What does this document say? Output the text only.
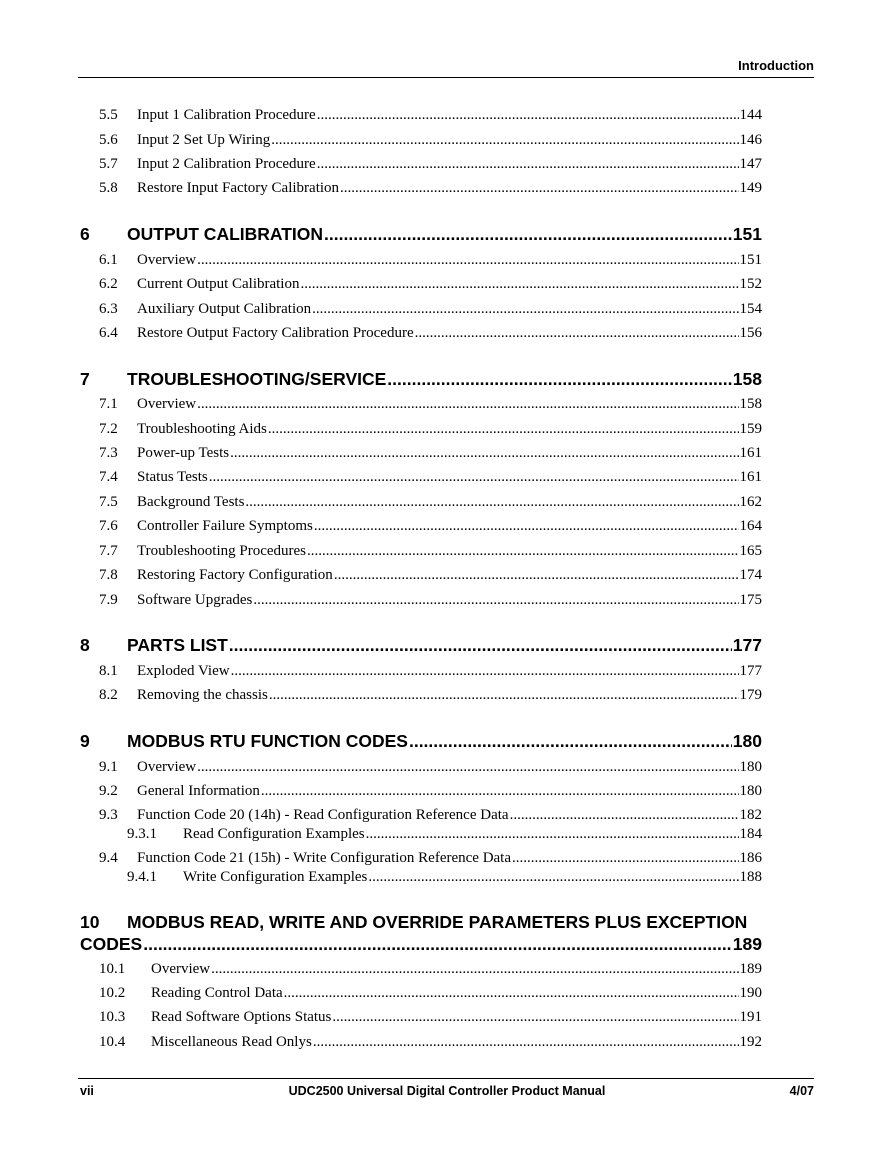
Introduction
5.5	Input 1 Calibration Procedure .....	144
5.6	Input 2 Set Up Wiring .....	146
5.7	Input 2 Calibration Procedure .....	147
5.8	Restore Input Factory Calibration .....	149
6	OUTPUT CALIBRATION .....	151
6.1	Overview .....	151
6.2	Current Output Calibration .....	152
6.3	Auxiliary Output Calibration .....	154
6.4	Restore Output Factory Calibration Procedure .....	156
7	TROUBLESHOOTING/SERVICE .....	158
7.1	Overview .....	158
7.2	Troubleshooting Aids .....	159
7.3	Power-up Tests .....	161
7.4	Status Tests .....	161
7.5	Background Tests .....	162
7.6	Controller Failure Symptoms .....	164
7.7	Troubleshooting Procedures .....	165
7.8	Restoring Factory Configuration .....	174
7.9	Software Upgrades .....	175
8	PARTS LIST .....	177
8.1	Exploded View .....	177
8.2	Removing the chassis .....	179
9	MODBUS RTU FUNCTION CODES .....	180
9.1	Overview .....	180
9.2	General Information .....	180
9.3	Function Code 20 (14h) - Read Configuration Reference Data .....	182
9.3.1	Read Configuration Examples .....	184
9.4	Function Code 21 (15h) - Write Configuration Reference Data .....	186
9.4.1	Write Configuration Examples .....	188
10 MODBUS READ, WRITE AND OVERRIDE PARAMETERS PLUS EXCEPTION
CODES .....	189
10.1	Overview .....	189
10.2	Reading Control Data .....	190
10.3	Read Software Options Status .....	191
10.4	Miscellaneous Read Onlys .....	192
vii	UDC2500 Universal Digital Controller Product Manual	4/07
